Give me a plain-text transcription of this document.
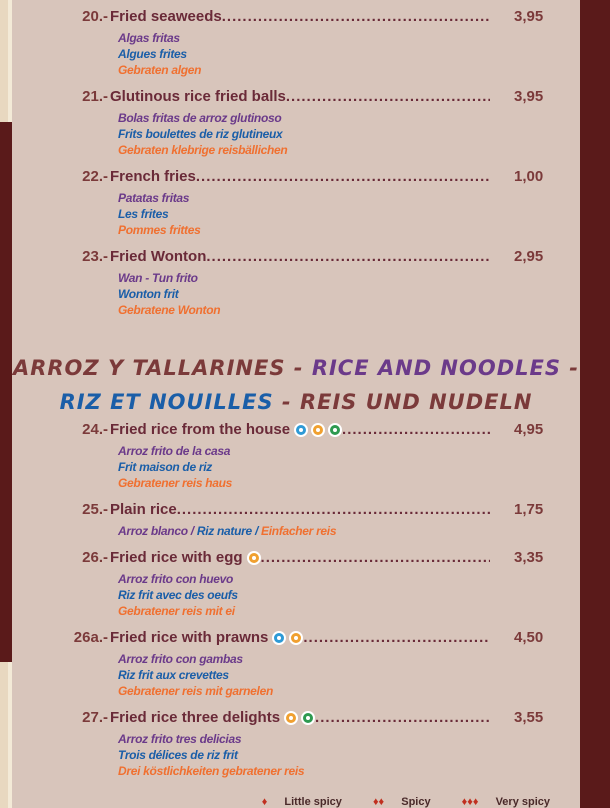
20.- Fried seaweeds .....	3,95
Algas fritas
Algues frites
Gebraten algen
21.- Glutinous rice fried balls .....	3,95
Bolas fritas de arroz glutinoso
Frits boulettes de riz glutineux
Gebraten klebrige reisbällichen
22.- French fries .....	1,00
Patatas fritas
Les frites
Pommes frittes
23.- Fried Wonton .....	2,95
Wan - Tun frito
Wonton frit
Gebratene Wonton
ARROZ Y TALLARINES - RICE AND NOODLES -
RIZ ET NOUILLES - REIS UND NUDELN
24.- Fried rice from the house .....	4,95
Arroz frito de la casa
Frit maison de riz
Gebratener reis haus
25.- Plain rice .....	1,75
Arroz blanco / Riz nature / Einfacher reis
26.- Fried rice with egg .....	3,35
Arroz frito con huevo
Riz frit avec des oeufs
Gebratener reis mit ei
26a.- Fried rice with prawns .....	4,50
Arroz frito con gambas
Riz frit aux crevettes
Gebratener reis mit garnelen
27.- Fried rice three delights .....	3,55
Arroz frito tres delicias
Trois délices de riz frit
Drei köstlichkeiten gebratener reis
♦ Little spicy	♦♦ Spicy	♦♦♦ Very spicy
